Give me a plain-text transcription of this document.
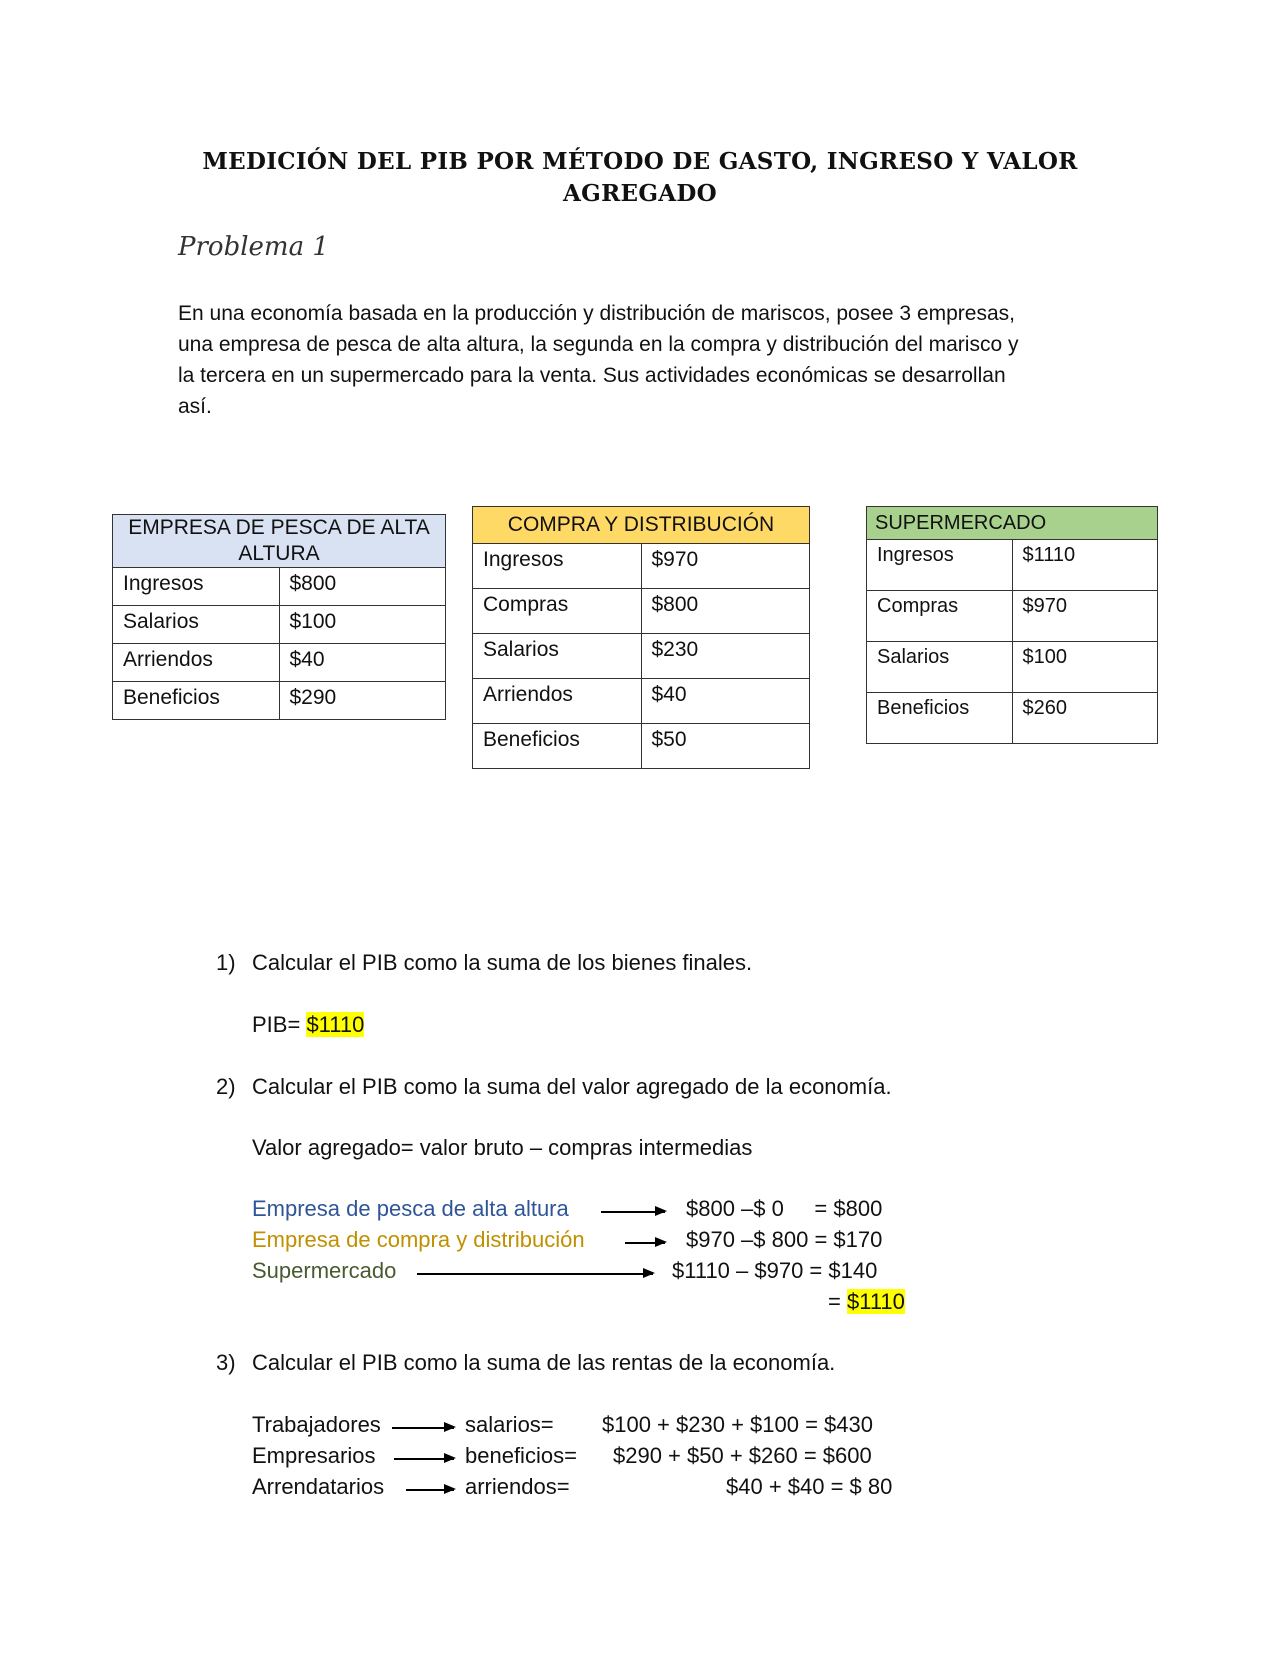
MEDICIÓN DEL PIB POR MÉTODO DE GASTO, INGRESO Y VALOR AGREGADO

Problema 1

En una economía basada en la producción y distribución de mariscos, posee 3 empresas, una empresa de pesca de alta altura, la segunda en la compra y distribución del marisco y la tercera en un supermercado para la venta. Sus actividades económicas se desarrollan así.

EMPRESA DE PESCA DE ALTA ALTURA	
Ingresos	$800
Salarios	$100
Arriendos	$40
Beneficios	$290
COMPRA Y DISTRIBUCIÓN	
Ingresos	$970
Compras	$800
Salarios	$230
Arriendos	$40
Beneficios	$50
SUPERMERCADO	
Ingresos	$1110
Compras	$970
Salarios	$100
Beneficios	$260

1) Calcular el PIB como la suma de los bienes finales.

PIB= $1110

2) Calcular el PIB como la suma del valor agregado de la economía.

Valor agregado= valor bruto – compras intermedias

Empresa de pesca de alta altura	$800 –$ 0     = $800

Empresa de compra y distribución	$970 –$ 800 = $170

Supermercado	$1110 – $970 = $140

= $1110

3) Calcular el PIB como la suma de las rentas de la economía.

Trabajadores	salarios= $100 + $230 + $100 = $430

Empresarios	beneficios= $290 + $50 + $260 = $600

Arrendatarios	arriendos=	$40 + $40 = $ 80
